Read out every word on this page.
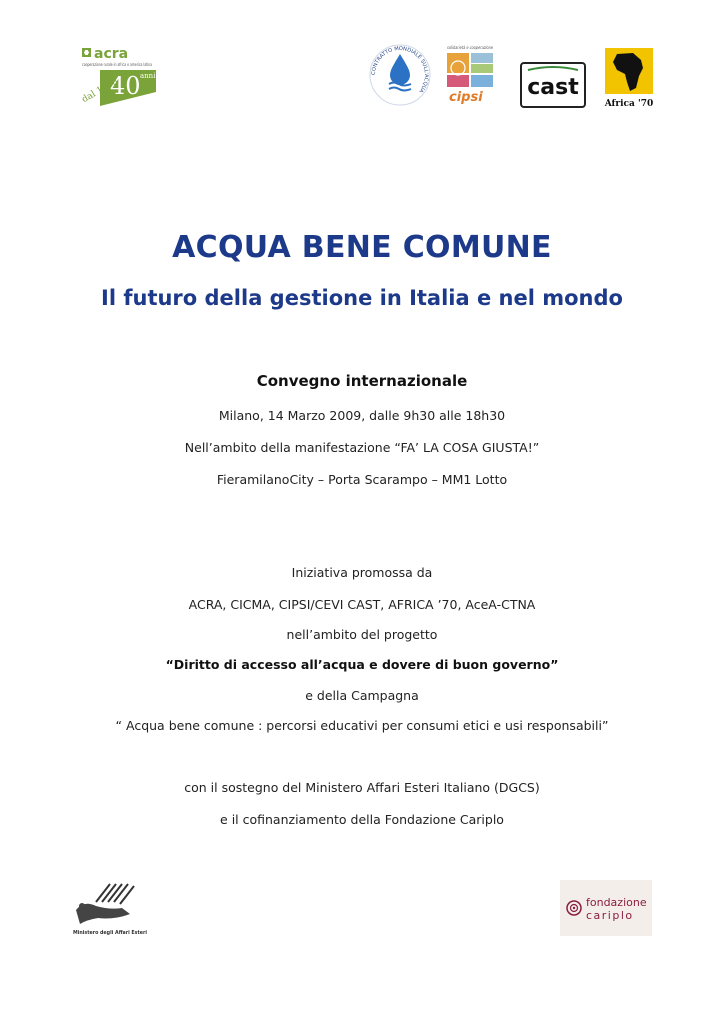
acra
cooperazione rurale in africa e america latina
40 anni
dal 1968
CONTRATTO MONDIALE SULL'ACQUA
solidarietà e cooperazione
cipsi cast
Africa '70
ACQUA BENE COMUNE
Il futuro della gestione in Italia e nel mondo
Convegno internazionale
Milano, 14 Marzo 2009, dalle 9h30 alle 18h30
Nell’ambito della manifestazione “FA’ LA COSA GIUSTA!”
FieramilanoCity – Porta Scarampo – MM1 Lotto
Iniziativa promossa da
ACRA, CICMA, CIPSI/CEVI CAST, AFRICA ’70, AceA-CTNA
nell’ambito del progetto
“Diritto di accesso all’acqua e dovere di buon governo”
e della Campagna
“ Acqua bene comune : percorsi educativi per consumi etici e usi responsabili”
con il sostegno del Ministero Affari Esteri Italiano (DGCS)
e il cofinanziamento della Fondazione Cariplo
Ministero degli Affari Esteri
fondazione
cariplo
